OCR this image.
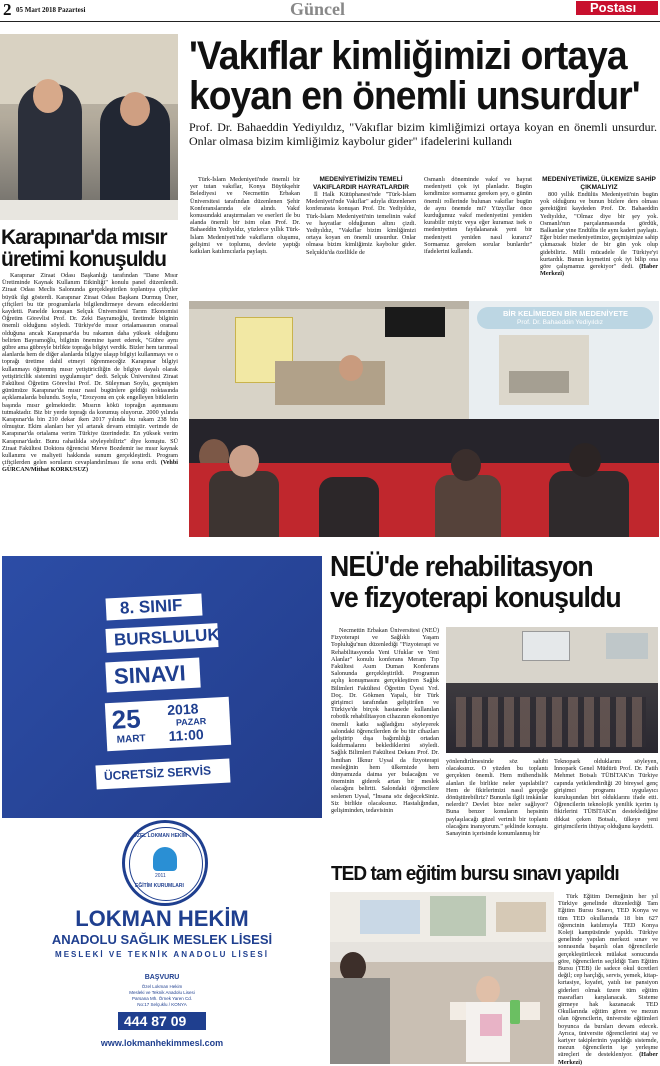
2 05 Mart 2018 Pazartesi	Güncel	Postası
Karapınar'da mısır
üretimi konuşuldu
Karapınar Ziraat Odası Başkanlığı tarafından "Dane Mısır Üretiminde Kaynak Kullanım Etkinliği" konulu panel düzenlendi. Ziraat Odası Meclis Salonunda gerçekleştirilen toplantıya çiftçiler büyük ilgi gösterdi. Karapınar Ziraat Odası Başkanı Durmuş Üner, çiftçileri bu tür programlarla bilgilendirmeye devam edeceklerini kaydetti. Panelde konuşan Selçuk Üniversitesi Tarım Ekonomisi Öğretim Görevlisi Prof. Dr. Zeki Bayramoğlu, üretimde bilginin önemli olduğunu söyledi. Türkiye'de mısır ortalamasının oransal olduğuna ancak Karapınar'da bu rakamın daha yüksek olduğunu belirten Bayramoğlu, bilginin önemine işaret ederek, "Gübre aynı gübre ama gübreyle birlikte toprağa bilgiyi verdik. Bizler hem tarımsal alanlarda hem de diğer alanlarda bilgiye ulaşıp bilgiyi kullanmayı ve o toprağı üretime dahil etmeyi öğrenmeceğiz Karapınar bilgiyi kullanmayı öğrenmiş mısır yetiştiriciliğin de bilgiye dayalı olarak yetiştiricilik sistemini uygulamıştır" dedi. Selçuk Üniversitesi Ziraat Fakültesi Öğretim Görevlisi Prof. Dr. Süleyman Soylu, geçmişten günümüze Karapınar'da mısır nasıl bugünlere geldiği noktasında açıklamalarda bulundu. Soylu, "Erozyonu en çok engelleyen bitkilerin başında mısır gelmektedir. Mısırın kökü toprağın aşınmasını tutmaktadır. Biz bir yerde toprağı da korumuş oluyoruz. 2000 yılında Karapınar'da bin 210 dekar iken 2017 yılında bu rakam 238 bin olmuştur. Ekim alanları her yıl artarak devam etmiştir. verimde de Karapınar'da ortalama verim Türkiye üzerindedir. En yüksek verim Karapınar'dadır. Bunu rahatlıkla söyleyebiliriz" diye konuştu. SÜ Ziraat Fakültesi Doktora öğrencisi Merve Bozdemir ise mısır kaynak kullanımı ve maliyeti hakkında sunum gerçekleştirdi. Program çiftçilerden gelen soruların cevaplandırılması ile sona erdi. (Vehbi GÜRCAN/Mithat KORKUSUZ)
'Vakıflar kimliğimizi ortaya
koyan en önemli unsurdur'
Prof. Dr. Bahaeddin Yediyıldız, "Vakıflar bizim kimliğimizi ortaya koyan en önemli unsurdur. Onlar olmasa bizim kimliğimiz kaybolur gider" ifadelerini kullandı
Türk-İslam Medeniyeti'nde önemli bir yer tutan vakıflar, Konya Büyükşehir Belediyesi ve Necmettin Erbakan Üniversitesi tarafından düzenlenen Şehir Konferanslarında ele alındı. Vakıf konusundaki araştırmaları ve eserleri ile bu alanda önemli bir isim olan Prof. Dr. Bahaeddin Yediyıldız, yüzlerce yıllık Türk-İslam Medeniyeti'nde vakıfların oluşumu, gelişimi ve toplumu, devlete yaptığı katkıları katılımcılarla paylaştı.
MEDENİYETİMİZİN TEMELİ VAKIFLARDIR HAYRATLARDIR
İl Halk Kütüphanesi'nde "Türk-İslam Medeniyeti'nde Vakıflar" adıyla düzenlenen konferansta konuşan Prof. Dr. Yediyıldız, Türk-İslam Medeniyeti'nin temelinin vakıf ve hayratlar olduğunun altını çizdi. Yediyıldız, "Vakıflar bizim kimliğimizi ortaya koyan en önemli unsurdur. Onlar olmasa bizim kimliğimiz kaybolur gider. Selçuklu'da özellikle de
Osmanlı döneminde vakıf ve hayrat medeniyeti çok iyi planladır. Bugün kendimize sormamız gereken şey, o günün önemli rollerinde bulunan vakıflar bugün de aynı önemde mi? Yüzyıllar önce kurduğumuz vakıf medeniyetini yeniden kurabilir miyiz veya eğer kuramaz isek o medeniyetten faydalanarak yeni bir medeniyeti yeniden nasıl kurarız? Sormamız gereken sorular bunlardır" ifadelerini kullandı.
MEDENİYETİMİZE, ÜLKEMİZE SAHİP ÇIKMALIYIZ
800 yıllık Endülüs Medeniyeti'nin bugün yok olduğunu ve bunun bizlere ders olması gerektiğini kaydeden Prof. Dr. Bahaeddin Yediyıldız, "Olmaz diye bir şey yok. Osmanlı'nın parçalanmasında gördük, Balkanlar yine Endülüs ile aynı kaderi paylaştı. Eğer bizler medeniyetimize, geçmişimize sahip çıkmazsak bizler de bir gün yok olup gidebiliriz. Milli mücadele ile Türkiye'yi kurtardık. Bunun kıymetini çok iyi bilip ona göre çalışmamız gerekiyor" dedi. (Haber Merkezi)
BİR KELİMEDEN BİR MEDENİYETE
Prof. Dr. Bahaeddin Yediyıldız
8. SINIF
BURSLULUK
SINAVI
25
MART
2018
PAZAR
11:00
ÜCRETSİZ SERVİS
ÖZEL LOKMAN HEKİM
2011
EĞİTİM KURUMLARI
LOKMAN HEKİM
ANADOLU SAĞLIK MESLEK LİSESİ
MESLEKİ VE TEKNİK ANADOLU LİSESİ
BAŞVURU
Özel Lokman Hekim
Mesleki ve Teknik Anadolu Lisesi
Parsana Mh. Örnek Yaren Cd.
No:17 Selçuklu / KONYA
444 87 09
www.lokmanhekimmesl.com
NEÜ'de rehabilitasyon
ve fizyoterapi konuşuldu
Necmettin Erbakan Üniversitesi (NEÜ) Fizyoterapi ve Sağlıklı Yaşam Topluluğu'nun düzenlediği "Fizyoterapi ve Rehabilitasyonda Yeni Ufuklar ve Yeni Alanlar" konulu konferans Meram Tıp Fakültesi Asım Duman Konferans Salonunda gerçekleştirildi. Programın açılış konuşmasını gerçekleştiren Sağlık Bilimleri Fakültesi Öğretim Üyesi Yrd. Doç. Dr. Gökmen Yapalı, bir Türk girişimci tarafından geliştirilen ve Türkiye'de birçok hastanede kullanılan robotik rehabilitasyon cihazının ekonomiye önemli katkı sağladığını söyleyerek salondaki öğrencilerden de bu tür cihazları geliştirip dışa bağımlılığı ortadan kaldırmalarını beklediklerini söyledi. Sağlık Bilimleri Fakültesi Dekanı Prof. Dr. İsmihan İlknur Uysal da fizyoterapi mesleğinin hem ülkemizde hem dünyamızda daima yer bulacağını ve öneminin giderek artan bir meslek olacağını belirtti. Salondaki öğrencilere seslenen Uysal, "İnsana söz değecekSiniz. Siz birlikte olacaksınız. Hastalığından, gelişiminden, tedavisinin
yönlendirilmesinde söz sahibi olacaksınız. O yüzden bu toplantı gerçekten önemli. Hem mühendislik alanları ile birlikte neler yapılabilir? Hem de fikirlerimizi nasıl gerçeğe dönüştürebiliriz? Bununla ilgili imkânlar nelerdir? Devlet bize neler sağlıyor? Buna benzer konuların hepsinin paylaşılacağı güzel verimli bir toplantı olacağını inanıyorum." şeklinde konuştu. Sanayinin içerisinde konumlanmış bir
Teknopark olduklarını söyleyen, İnnopark Genel Müdürü Prof. Dr. Fatih Mehmet Botsalı TÜBİTAK'ın Türkiye capında yetkilendirdiği 20 bireysel genç girişimci programı uygulayıcı kuruluşundan biri olduklarını ifade etti. Öğrencilerin teknolojik yenilik içerim iş fikirlerini TÜBİTAK'ın desteklediğine dikkat çeken Botsalı, ülkeye yeni girişimcilerin ihtiyaç olduğunu kaydetti.
TED tam eğitim bursu sınavı yapıldı
Türk Eğitim Derneğinin her yıl Türkiye genelinde düzenlediği Tam Eğitim Bursu Sınavı, TED Konya ve tüm TED okullarında 18 bin 627 öğrencinin katılımıyla TED Konya Koleji kampüsünde yapıldı. Türkiye genelinde yapılan merkezi sınav ve sonrasında başarılı olan öğrencilerle gerçekleştirilecek mülakat sonucunda göre, öğrencilerin seçildiği Tam Eğitim Bursu (TEB) ile sadece okul ücretleri değil; cep harçlığı, servis, yemek, kitap-kırtasiye, kıyafet, yatılı ise pansiyon giderleri olmak üzere tüm eğitim masrafları karşılanacak. Sisteme girmeye hak kazanacak TED Okullarında eğitim gören ve mezun olan öğrencilerin, üniversite eğitimleri boyunca da bursları devam edecek. Ayrıca, üniversite öğrencilerini staj ve kariyer takiplerinin yapıldığı sistemde, mezun öğrencilerin işe yerleşme süreçleri de destekleniyor. (Haber Merkezi)
